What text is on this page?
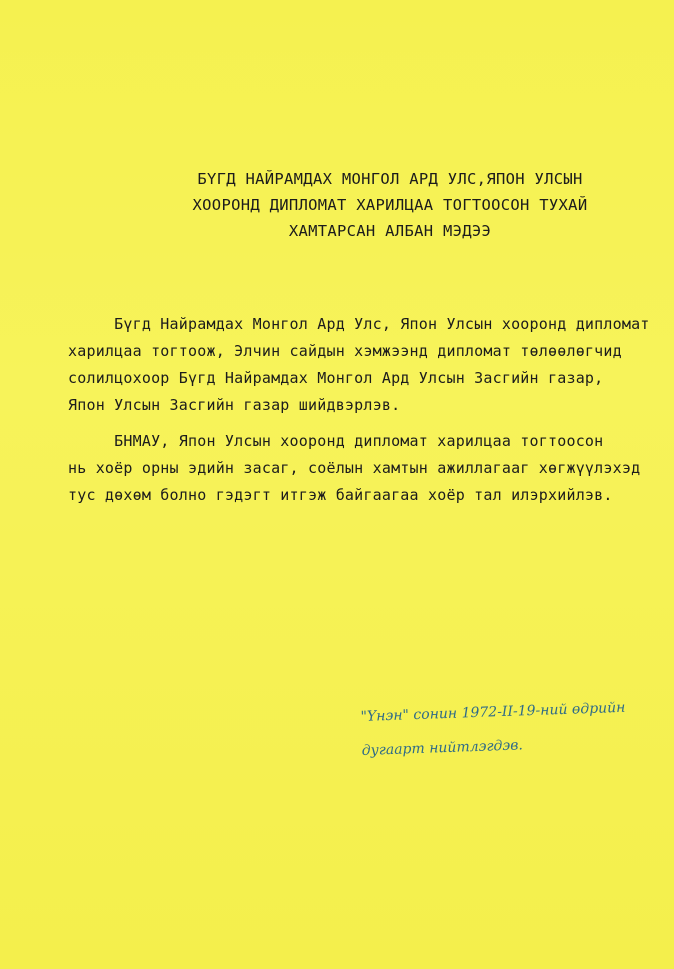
БҮГД НАЙРАМДАХ МОНГОЛ АРД УЛС,ЯПОН УЛСЫН
ХООРОНД ДИПЛОМАТ ХАРИЛЦАА ТОГТООСОН ТУХАЙ
ХАМТАРСАН АЛБАН МЭДЭЭ
Бүгд Найрамдах Монгол Ард Улс, Япон Улсын хооронд дипломат
харилцаа тогтоож, Элчин сайдын хэмжээнд дипломат төлөөлөгчид
солилцохоор Бүгд Найрамдах Монгол Ард Улсын Засгийн газар,
Япон Улсын Засгийн газар шийдвэрлэв.
БНМАУ, Япон Улсын хооронд дипломат харилцаа тогтоосон
нь хоёр орны эдийн засаг, соёлын хамтын ажиллагааг хөгжүүлэхэд
тус дөхөм болно гэдэгт итгэж байгаагаа хоёр тал илэрхийлэв.
"Үнэн" сонин 1972-II-19-ний өдрийн
дугаарт нийтлэгдэв.
